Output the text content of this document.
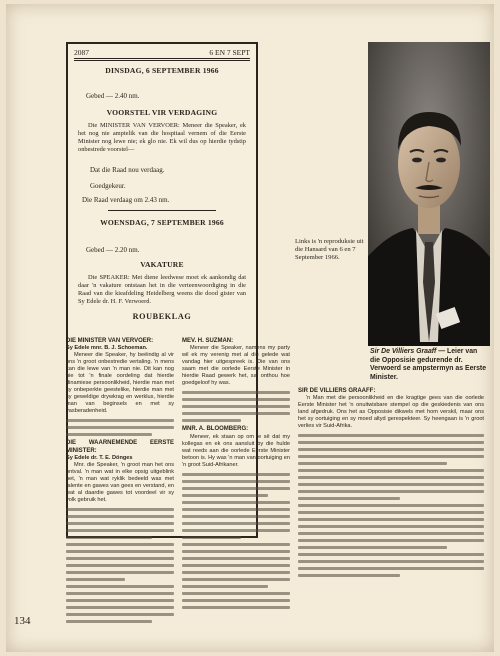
2087	6 EN 7 SEPT
DINSDAG, 6 SEPTEMBER 1966
Gebed — 2.40 nm.
VOORSTEL VIR VERDAGING
Die MINISTER VAN VERVOER: Meneer die Speaker, ek het nog nie amptelik van die hospitaal vernem of die Eerste Minister nog lewe nie; ek glo nie. Ek wil dus op hierdie tydstip onbestrede voorstel—
Dat die Raad nou verdaag.
Goedgekeur.
Die Raad verdaag om 2.43 nm.
WOENSDAG, 7 SEPTEMBER 1966
Gebed — 2.20 nm.
VAKATURE
Die SPEAKER: Met diene leedwese moet ek aankondig dat daar 'n vakature ontstaan het in die verteenwoordiging in die Raad van die kieafdeling Heidelberg weens die dood gister van Sy Edele dr. H. F. Verwoerd.
ROUBEKLAG
Links is 'n reproduksie uit die Hansard van 6 en 7 September 1966.
Sir De Villiers Graaff — Leier van die Opposisie gedurende dr. Verwoerd se ampstermyn as Eerste Minister.
DIE MINISTER VAN VERVOER:
Sy Edele mnr. B. J. Schoeman.

Meneer die Speaker, hy beëindig al vir ons 'n groot onbestredie vertaling. 'n mens kan die lewe van 'n man nie. Dit kan nog nie tot 'n finale oordeling dat hierdie dinamiese persoonlikheid, hierdie man met sy onbeperkte geestelike, hierdie man met sy geweldige drywkrag en werklus, hierdie man van beginsels en met sy vasberadenheid.

DIE WAARNEMENDE EERSTE MINISTER:
Sy Edele dr. T. E. Dönges

Mnr. die Speaker, 'n groot man het ons ontval. 'n man wat in elke opsig uitgeblink het, 'n man wat ryklik bedeeld was met talente en gawes van gees en verstand, en wat al daardie gawes tot voordeel vir sy volk gebruik het.

MEV. H. SUZMAN:

Meneer die Speaker, namens my party wil ek my verenig met al die gelede wat vandag hier uitgespreek is. Die van ons saam met die oorlede Eerste Minister in hierdie Raad gewerk het, sal onthou hoe goedgeloof hy was.

MNR. A. BLOOMBERG:

Meneer, ek staan op om te sê dat my kollegas en ek ons aansluit by die hulde wat reeds aan die oorlede Eerste Minister betoon is. Hy was 'n man van oortuiging en 'n groot Suid-Afrikaner.

SIR DE VILLIERS GRAAFF:

'n Man met die persoonlikheid en die kragtige gees van die oorlede Eerste Minister het 'n onuitwisbare stempel op die geskiedenis van ons land afgedruk. Ons het as Opposisie dikwels met hom verskil, maar ons het sy oortuiging en sy moed altyd gerespekteer. Sy heengaan is 'n groot verlies vir Suid-Afrika.

134
